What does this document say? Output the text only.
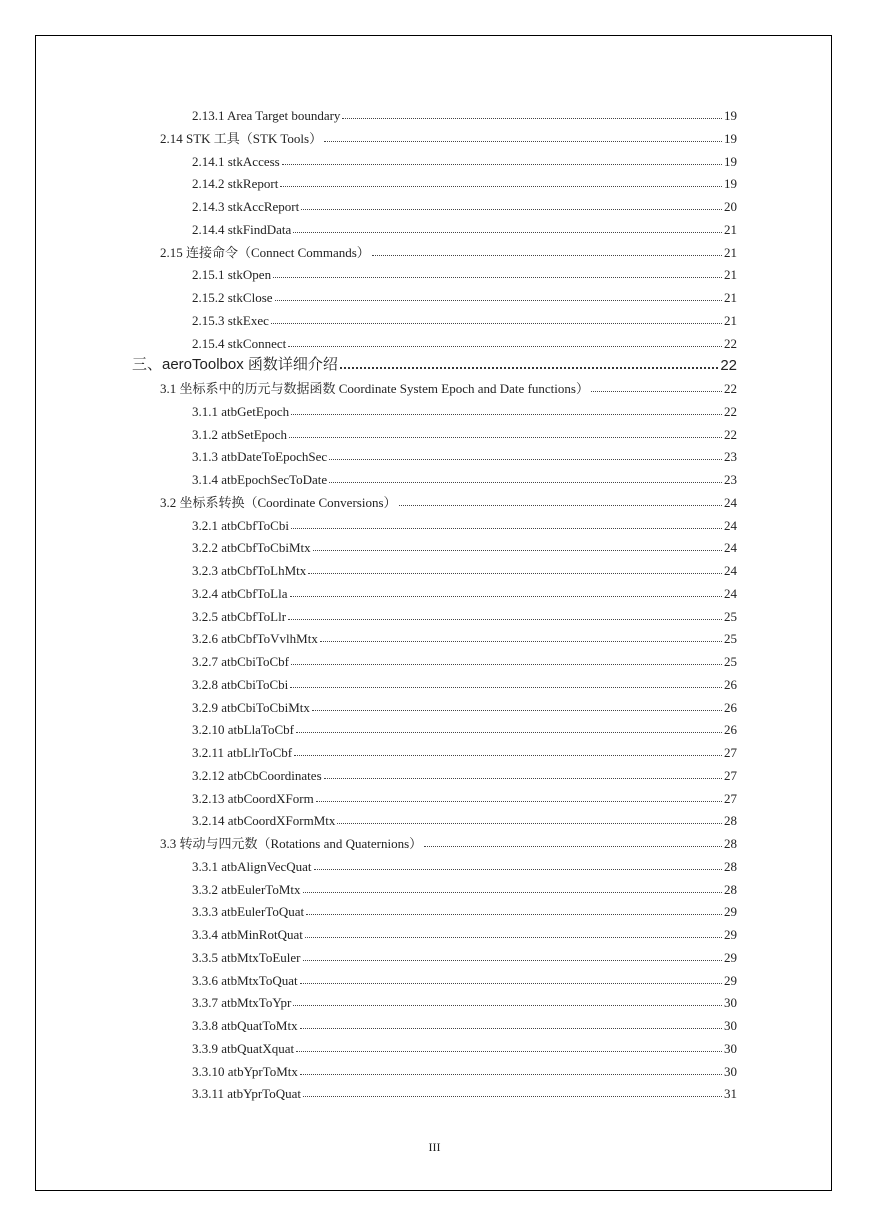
2.13.1 Area Target boundary	19
2.14 STK 工具（STK Tools）	19
2.14.1 stkAccess	19
2.14.2 stkReport	19
2.14.3 stkAccReport	20
2.14.4 stkFindData	21
2.15 连接命令（Connect Commands）	21
2.15.1 stkOpen	21
2.15.2 stkClose	21
2.15.3 stkExec	21
2.15.4 stkConnect	22
三、aeroToolbox 函数详细介绍	22
3.1 坐标系中的历元与数据函数 Coordinate System Epoch and Date functions）	22
3.1.1 atbGetEpoch	22
3.1.2 atbSetEpoch	22
3.1.3 atbDateToEpochSec	23
3.1.4 atbEpochSecToDate	23
3.2 坐标系转换（Coordinate Conversions）	24
3.2.1 atbCbfToCbi	24
3.2.2 atbCbfToCbiMtx	24
3.2.3 atbCbfToLhMtx	24
3.2.4 atbCbfToLla	24
3.2.5 atbCbfToLlr	25
3.2.6 atbCbfToVvlhMtx	25
3.2.7 atbCbiToCbf	25
3.2.8 atbCbiToCbi	26
3.2.9 atbCbiToCbiMtx	26
3.2.10 atbLlaToCbf	26
3.2.11 atbLlrToCbf	27
3.2.12 atbCbCoordinates	27
3.2.13 atbCoordXForm	27
3.2.14 atbCoordXFormMtx	28
3.3 转动与四元数（Rotations and Quaternions）	28
3.3.1 atbAlignVecQuat	28
3.3.2 atbEulerToMtx	28
3.3.3 atbEulerToQuat	29
3.3.4 atbMinRotQuat	29
3.3.5 atbMtxToEuler	29
3.3.6 atbMtxToQuat	29
3.3.7 atbMtxToYpr	30
3.3.8 atbQuatToMtx	30
3.3.9 atbQuatXquat	30
3.3.10 atbYprToMtx	30
3.3.11 atbYprToQuat	31
III
